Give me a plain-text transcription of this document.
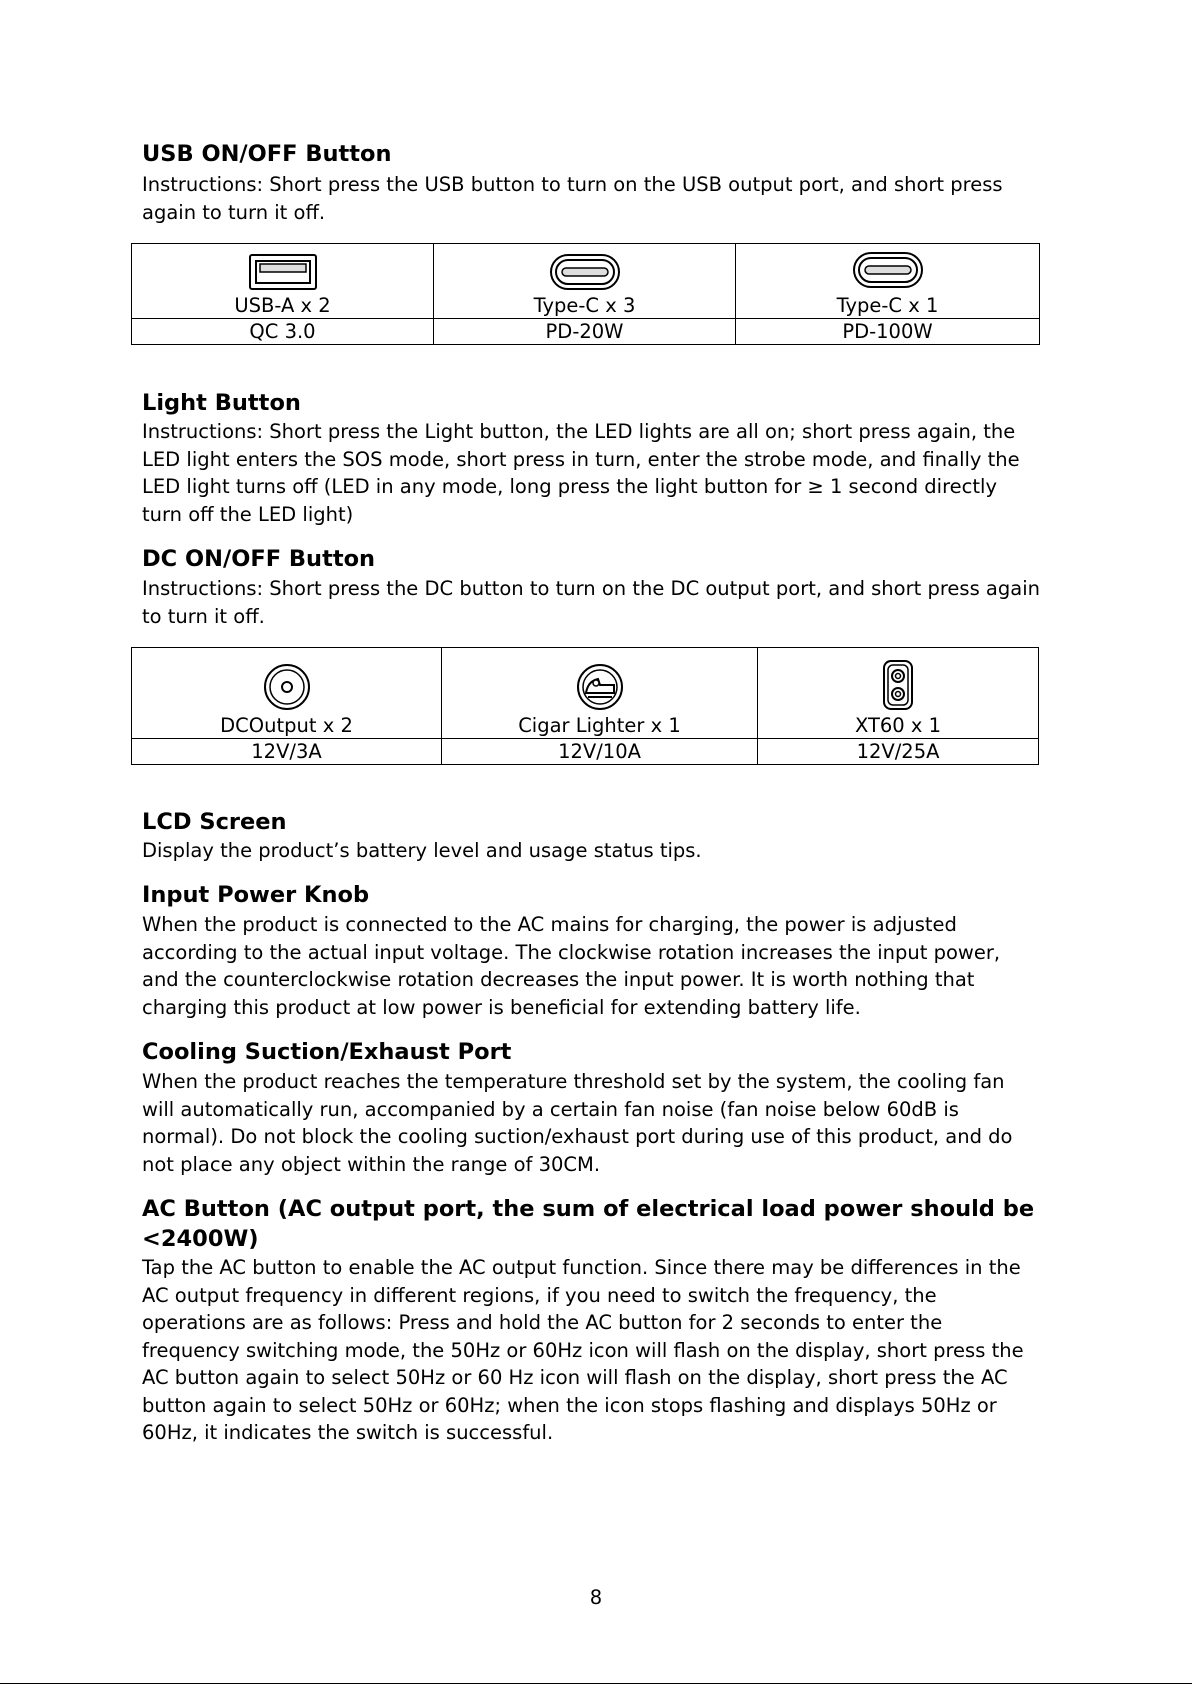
USB ON/OFF Button

Instructions: Short press the USB button to turn on the USB output port, and short press again to turn it off.

USB-A x 2	Type-C x 3	Type-C x 1

QC 3.0	PD-20W	PD-100W
Light Button

Instructions: Short press the Light button, the LED lights are all on; short press again, the LED light enters the SOS mode, short press in turn, enter the strobe mode, and finally the LED light turns off (LED in any mode, long press the light button for ≥ 1 second directly turn off the LED light)

DC ON/OFF Button

Instructions: Short press the DC button to turn on the DC output port, and short press again to turn it off.

DCOutput x 2	Cigar Lighter x 1	XT60 x 1

12V/3A	12V/10A	12V/25A
LCD Screen

Display the product’s battery level and usage status tips.

Input Power Knob

When the product is connected to the AC mains for charging, the power is adjusted according to the actual input voltage. The clockwise rotation increases the input power, and the counterclockwise rotation decreases the input power. It is worth nothing that charging this product at low power is beneficial for extending battery life.

Cooling Suction/Exhaust Port

When the product reaches the temperature threshold set by the system, the cooling fan will automatically run, accompanied by a certain fan noise (fan noise below 60dB is normal). Do not block the cooling suction/exhaust port during use of this product, and do not place any object within the range of 30CM.

AC Button (AC output port, the sum of electrical load power should be <2400W)

Tap the AC button to enable the AC output function. Since there may be differences in the AC output frequency in different regions, if you need to switch the frequency, the operations are as follows: Press and hold the AC button for 2 seconds to enter the frequency switching mode, the 50Hz or 60Hz icon will flash on the display, short press the AC button again to select 50Hz or 60 Hz icon will flash on the display, short press the AC button again to select 50Hz or 60Hz; when the icon stops flashing and displays 50Hz or 60Hz, it indicates the switch is successful.

8
